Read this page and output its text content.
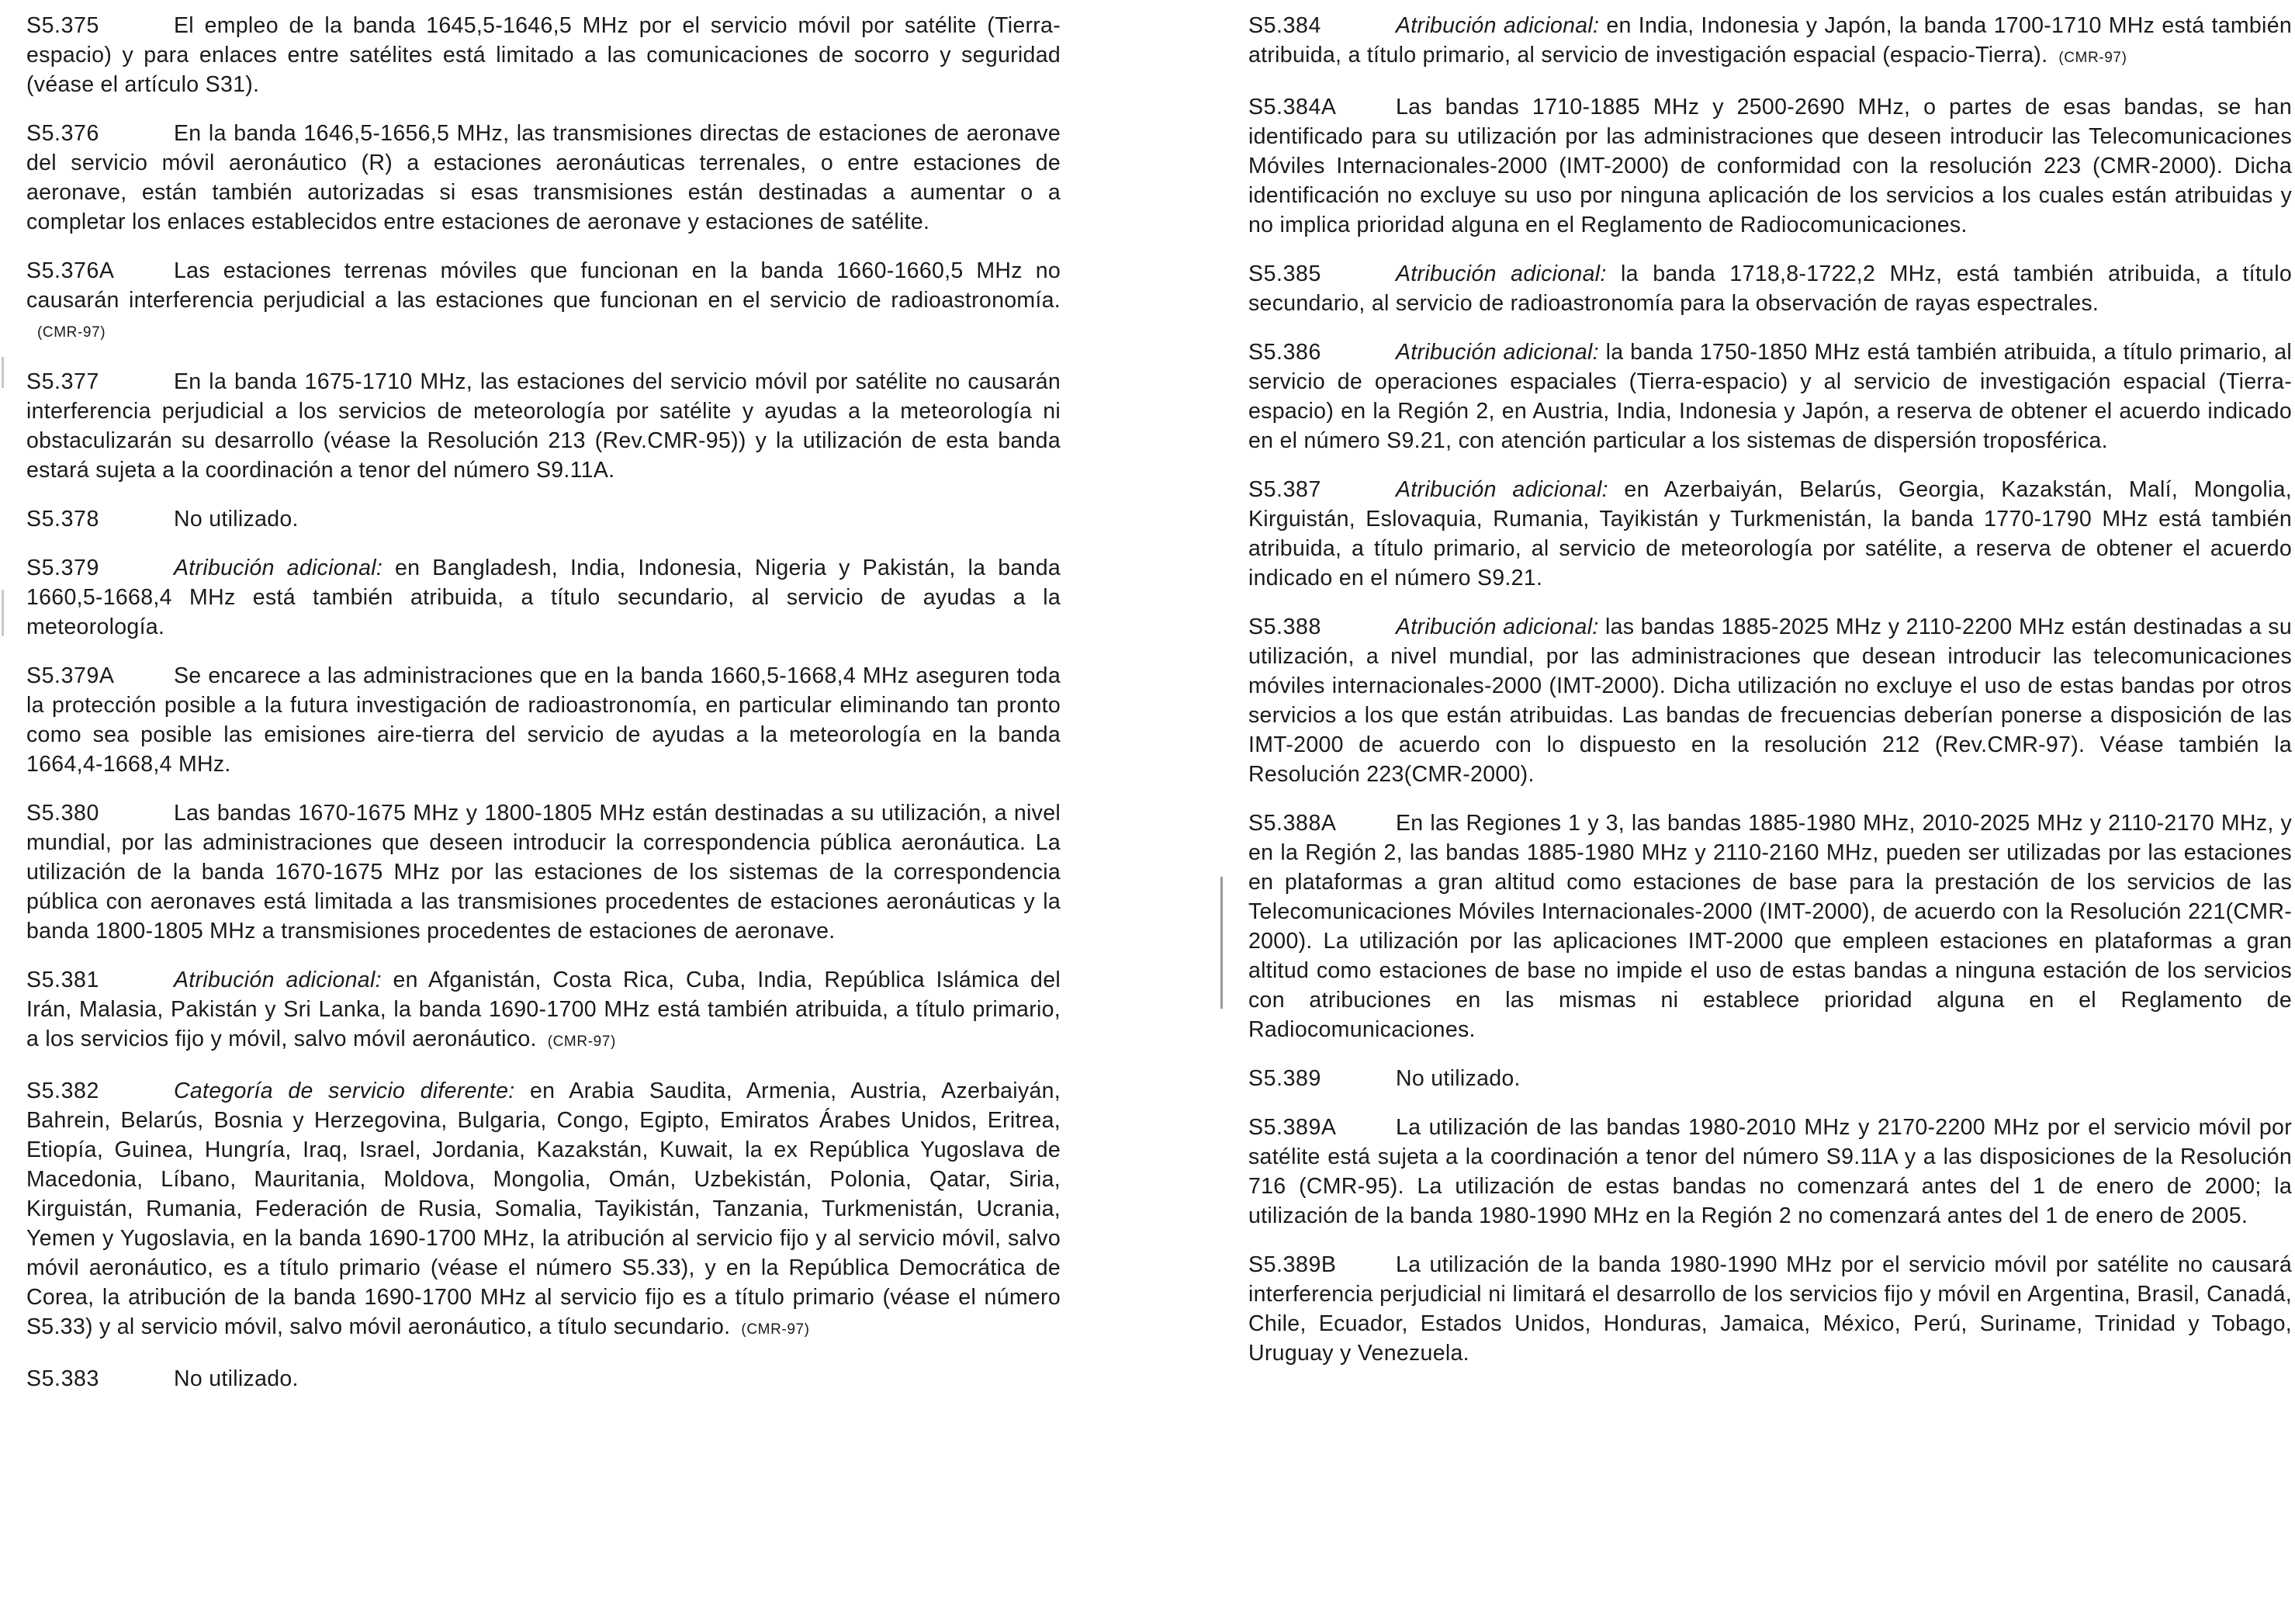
S5.375	El empleo de la banda 1645,5-1646,5 MHz por el servicio móvil por satélite (Tierra-espacio) y para enlaces entre satélites está limitado a las comunicaciones de socorro y seguridad (véase el artículo S31).

S5.376	En la banda 1646,5-1656,5 MHz, las transmisiones directas de estaciones de aeronave del servicio móvil aeronáutico (R) a estaciones aeronáuticas terrenales, o entre estaciones de aeronave, están también autorizadas si esas transmisiones están destinadas a aumentar o a completar los enlaces establecidos entre estaciones de aeronave y estaciones de satélite.

S5.376A	Las estaciones terrenas móviles que funcionan en la banda 1660-1660,5 MHz no causarán interferencia perjudicial a las estaciones que funcionan en el servicio de radioastronomía.(CMR-97)

S5.377	En la banda 1675-1710 MHz, las estaciones del servicio móvil por satélite no causarán interferencia perjudicial a los servicios de meteorología por satélite y ayudas a la meteorología ni obstaculizarán su desarrollo (véase la Resolución 213 (Rev.CMR-95)) y la utilización de esta banda estará sujeta a la coordinación a tenor del número S9.11A.

S5.378	No utilizado.

S5.379	Atribución adicional: en Bangladesh, India, Indonesia, Nigeria y Pakistán, la banda 1660,5-1668,4 MHz está también atribuida, a título secundario, al servicio de ayudas a la meteorología.

S5.379A	Se encarece a las administraciones que en la banda 1660,5-1668,4 MHz aseguren toda la protección posible a la futura investigación de radioastronomía, en particular eliminando tan pronto como sea posible las emisiones aire-tierra del servicio de ayudas a la meteorología en la banda 1664,4-1668,4 MHz.

S5.380	Las bandas 1670-1675 MHz y 1800-1805 MHz están destinadas a su utilización, a nivel mundial, por las administraciones que deseen introducir la correspondencia pública aeronáutica. La utilización de la banda 1670-1675 MHz por las estaciones de los sistemas de la correspondencia pública con aeronaves está limitada a las transmisiones procedentes de estaciones aeronáuticas y la banda 1800-1805 MHz a transmisiones procedentes de estaciones de aeronave.

S5.381	Atribución adicional: en Afganistán, Costa Rica, Cuba, India, República Islámica del Irán, Malasia, Pakistán y Sri Lanka, la banda 1690-1700 MHz está también atribuida, a título primario, a los servicios fijo y móvil, salvo móvil aeronáutico. (CMR-97)

S5.382	Categoría de servicio diferente: en Arabia Saudita, Armenia, Austria, Azerbaiyán, Bahrein, Belarús, Bosnia y Herzegovina, Bulgaria, Congo, Egipto, Emiratos Árabes Unidos, Eritrea, Etiopía, Guinea, Hungría, Iraq, Israel, Jordania, Kazakstán, Kuwait, la ex República Yugoslava de Macedonia, Líbano, Mauritania, Moldova, Mongolia, Omán, Uzbekistán, Polonia, Qatar, Siria, Kirguistán, Rumania, Federación de Rusia, Somalia, Tayikistán, Tanzania, Turkmenistán, Ucrania, Yemen y Yugoslavia, en la banda 1690-1700 MHz, la atribución al servicio fijo y al servicio móvil, salvo móvil aeronáutico, es a título primario (véase el número S5.33), y en la República Democrática de Corea, la atribución de la banda 1690-1700 MHz al servicio fijo es a título primario (véase el número S5.33) y al servicio móvil, salvo móvil aeronáutico, a título secundario. (CMR-97)

S5.383	No utilizado.

S5.384	Atribución adicional: en India, Indonesia y Japón, la banda 1700-1710 MHz está también atribuida, a título primario, al servicio de investigación espacial (espacio-Tierra). (CMR-97)

S5.384A	Las bandas 1710-1885 MHz y 2500-2690 MHz, o partes de esas bandas, se han identificado para su utilización por las administraciones que deseen introducir las Telecomunicaciones Móviles Internacionales-2000 (IMT-2000) de conformidad con la resolución 223 (CMR-2000). Dicha identificación no excluye su uso por ninguna aplicación de los servicios a los cuales están atribuidas y no implica prioridad alguna en el Reglamento de Radiocomunicaciones.

S5.385	Atribución adicional: la banda 1718,8-1722,2 MHz, está también atribuida, a título secundario, al servicio de radioastronomía para la observación de rayas espectrales.

S5.386	Atribución adicional: la banda 1750-1850 MHz está también atribuida, a título primario, al servicio de operaciones espaciales (Tierra-espacio) y al servicio de investigación espacial (Tierra-espacio) en la Región 2, en Austria, India, Indonesia y Japón, a reserva de obtener el acuerdo indicado en el número S9.21, con atención particular a los sistemas de dispersión troposférica.

S5.387	Atribución adicional: en Azerbaiyán, Belarús, Georgia, Kazakstán, Malí, Mongolia, Kirguistán, Eslovaquia, Rumania, Tayikistán y Turkmenistán, la banda 1770-1790 MHz está también atribuida, a título primario, al servicio de meteorología por satélite, a reserva de obtener el acuerdo indicado en el número S9.21.

S5.388	Atribución adicional: las bandas 1885-2025 MHz y 2110-2200 MHz están destinadas a su utilización, a nivel mundial, por las administraciones que desean introducir las telecomunicaciones móviles internacionales-2000 (IMT-2000). Dicha utilización no excluye el uso de estas bandas por otros servicios a los que están atribuidas. Las bandas de frecuencias deberían ponerse a disposición de las IMT-2000 de acuerdo con lo dispuesto en la resolución 212 (Rev.CMR-97). Véase también la Resolución 223(CMR-2000).

S5.388A	En las Regiones 1 y 3, las bandas 1885-1980 MHz, 2010-2025 MHz y 2110-2170 MHz, y en la Región 2, las bandas 1885-1980 MHz y 2110-2160 MHz, pueden ser utilizadas por las estaciones en plataformas a gran altitud como estaciones de base para la prestación de los servicios de las Telecomunicaciones Móviles Internacionales-2000 (IMT-2000), de acuerdo con la Resolución 221(CMR-2000). La utilización por las aplicaciones IMT-2000 que empleen estaciones en plataformas a gran altitud como estaciones de base no impide el uso de estas bandas a ninguna estación de los servicios con atribuciones en las mismas ni establece prioridad alguna en el Reglamento de Radiocomunicaciones.

S5.389	No utilizado.

S5.389A	La utilización de las bandas 1980-2010 MHz y 2170-2200 MHz por el servicio móvil por satélite está sujeta a la coordinación a tenor del número S9.11A y a las disposiciones de la Resolución 716 (CMR-95). La utilización de estas bandas no comenzará antes del 1 de enero de 2000; la utilización de la banda 1980-1990 MHz en la Región 2 no comenzará antes del 1 de enero de 2005.

S5.389B	La utilización de la banda 1980-1990 MHz por el servicio móvil por satélite no causará interferencia perjudicial ni limitará el desarrollo de los servicios fijo y móvil en Argentina, Brasil, Canadá, Chile, Ecuador, Estados Unidos, Honduras, Jamaica, México, Perú, Suriname, Trinidad y Tobago, Uruguay y Venezuela.
